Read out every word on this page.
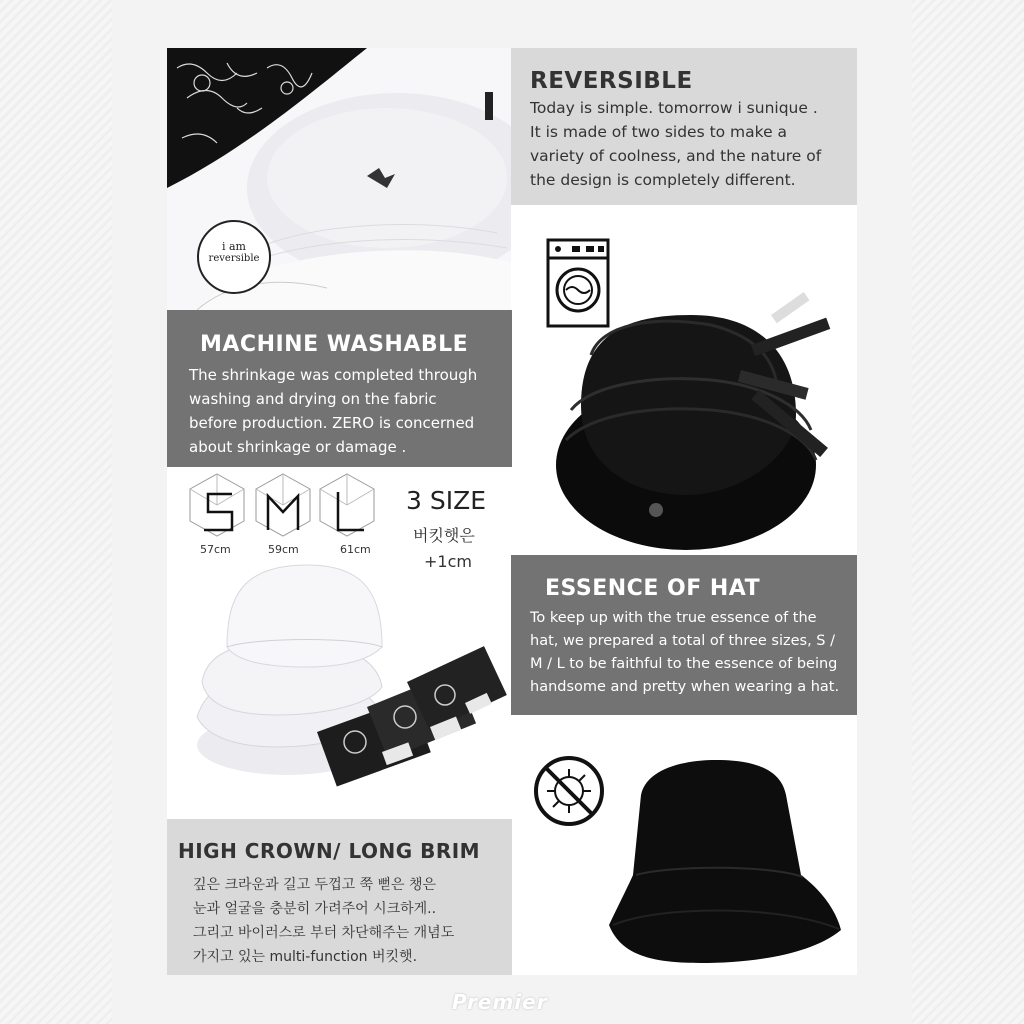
i am
reversible
REVERSIBLE
Today is simple. tomorrow i sunique .
It is made of two sides to make a
variety of coolness, and the nature of
the design is completely different.
MACHINE WASHABLE
The shrinkage was completed through
washing and drying on the fabric
before production. ZERO is concerned
about shrinkage or damage .
57cm	59cm	61cm
3 SIZE
버킷햇은
+1cm
ESSENCE OF HAT
To keep up with the true essence of the
hat, we prepared a total of three sizes, S /
M / L to be faithful to the essence of being
handsome and pretty when wearing a hat.
HIGH CROWN/ LONG BRIM
깊은 크라운과 길고 두껍고 쭉 뻗은 챙은
눈과 얼굴을 충분히 가려주어 시크하게..
그리고 바이러스로 부터 차단해주는 개념도
가지고 있는 multi-function 버킷햇.
Premier
